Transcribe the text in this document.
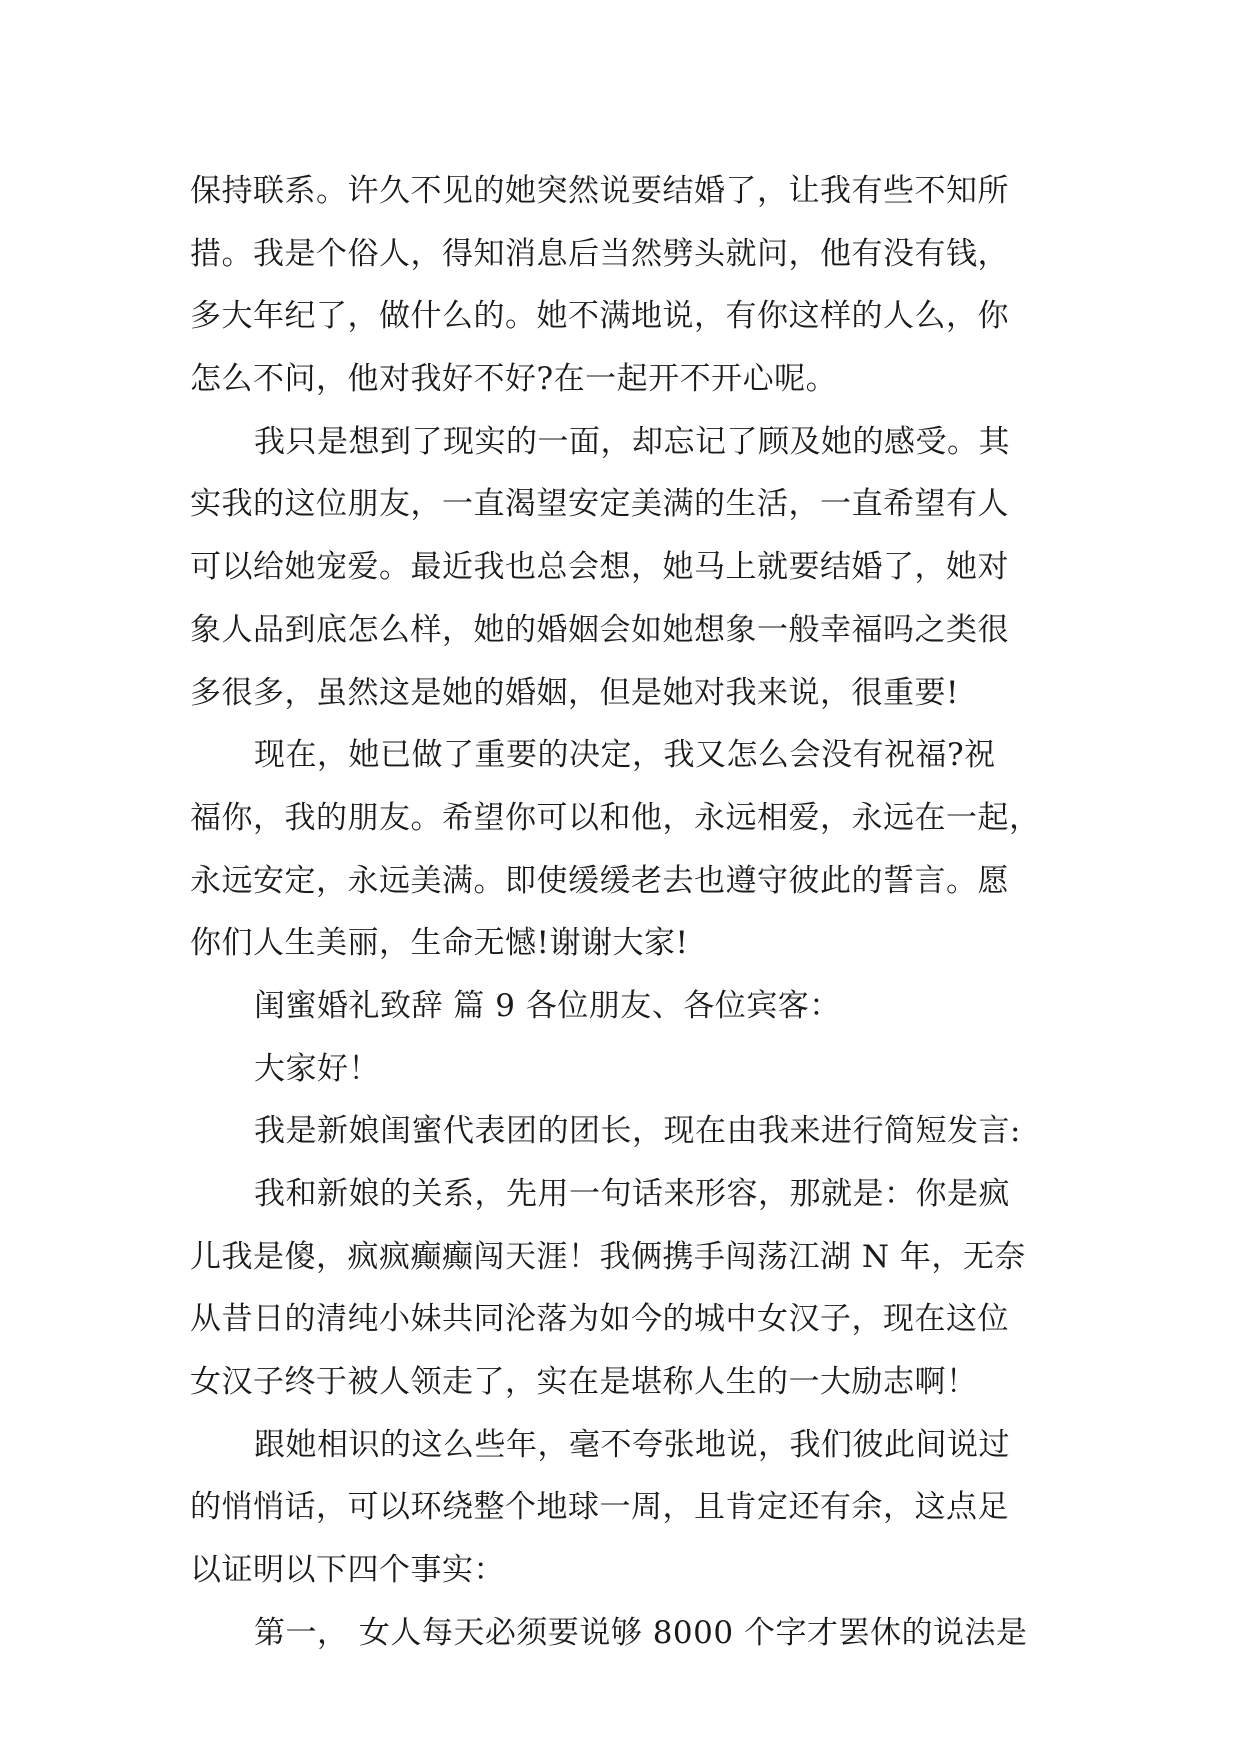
保持联系。许久不见的她突然说要结婚了，让我有些不知所
措。我是个俗人，得知消息后当然劈头就问，他有没有钱，
多大年纪了，做什么的。她不满地说，有你这样的人么，你
怎么不问，他对我好不好?在一起开不开心呢。
我只是想到了现实的一面，却忘记了顾及她的感受。其
实我的这位朋友，一直渴望安定美满的生活，一直希望有人
可以给她宠爱。最近我也总会想，她马上就要结婚了，她对
象人品到底怎么样，她的婚姻会如她想象一般幸福吗之类很
多很多，虽然这是她的婚姻，但是她对我来说，很重要!
现在，她已做了重要的决定，我又怎么会没有祝福?祝
福你，我的朋友。希望你可以和他，永远相爱，永远在一起，
永远安定，永远美满。即使缓缓老去也遵守彼此的誓言。愿
你们人生美丽，生命无憾!谢谢大家!
闺蜜婚礼致辞 篇 9 各位朋友、各位宾客：
大家好！
我是新娘闺蜜代表团的团长，现在由我来进行简短发言:
我和新娘的关系，先用一句话来形容，那就是：你是疯
儿我是傻，疯疯癫癫闯天涯！我俩携手闯荡江湖 N 年，无奈
从昔日的清纯小妹共同沦落为如今的城中女汉子，现在这位
女汉子终于被人领走了，实在是堪称人生的一大励志啊！
跟她相识的这么些年，毫不夸张地说，我们彼此间说过
的悄悄话，可以环绕整个地球一周，且肯定还有余，这点足
以证明以下四个事实：
第一， 女人每天必须要说够 8000 个字才罢休的说法是
